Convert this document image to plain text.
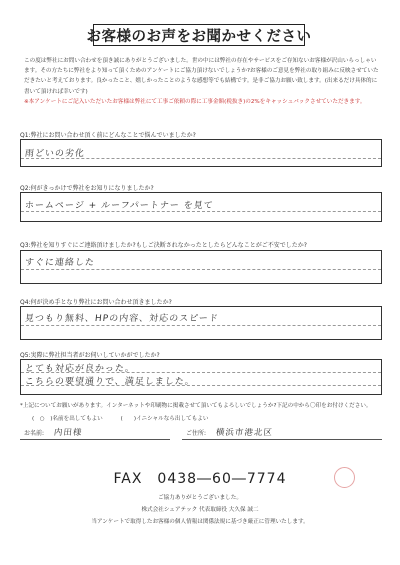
お客様のお声をお聞かせください
この度は弊社にお問い合わせを頂き誠にありがとうございました。世の中には弊社の存在やサービスをご存知ないお客様が沢山いらっしゃいます。その方たちに弊社をより知って頂くためのアンケートにご協力頂けないでしょうか?お客様のご意見を弊社の取り組みに反映させていただきたいと考えております。良かったこと、嬉しかったことのような感想等でも結構です。是非ご協力お願い致します。(出来るだけ具体的に書いて頂ければ幸いです)
※本アンケートにご記入いただいたお客様は弊社にて工事ご依頼の際に工事金額(税抜き)の2%をキャッシュバックさせていただきます。
Q1:弊社にお問い合わせ頂く前にどんなことで悩んでいましたか?
雨どいの劣化
Q2:何がきっかけで弊社をお知りになりましたか?
ホームページ + ルーフパートナー を見て
Q3:弊社を知りすぐにご連絡頂けましたか?もしご決断されなかったとしたらどんなことがご不安でしたか?
すぐに連絡した
Q4:何が決め手となり弊社にお問い合わせ頂きましたか?
見つもり無料、HPの内容、対応のスピード
Q5:実際に弊社担当者がお伺いしていかがでしたか?
とても対応が良かった。
こちらの要望通りで、満足しました。
*上記についてお願いがあります。インターネットや印刷物に掲載させて頂いてもよろしいでしょうか?下記の中から〇印をお付けください。
(　○　)名前を出してもよい	(　　)イニシャルなら出してもよい
お名前: 内田様	ご住所: 横浜市港北区
FAX　0438―60―7774
ご協力ありがとうございました。
株式会社シェアテック 代表取締役 大久保 誠二
当アンケートで取得したお客様の個人情報は関係法規に基づき厳正に管理いたします。
